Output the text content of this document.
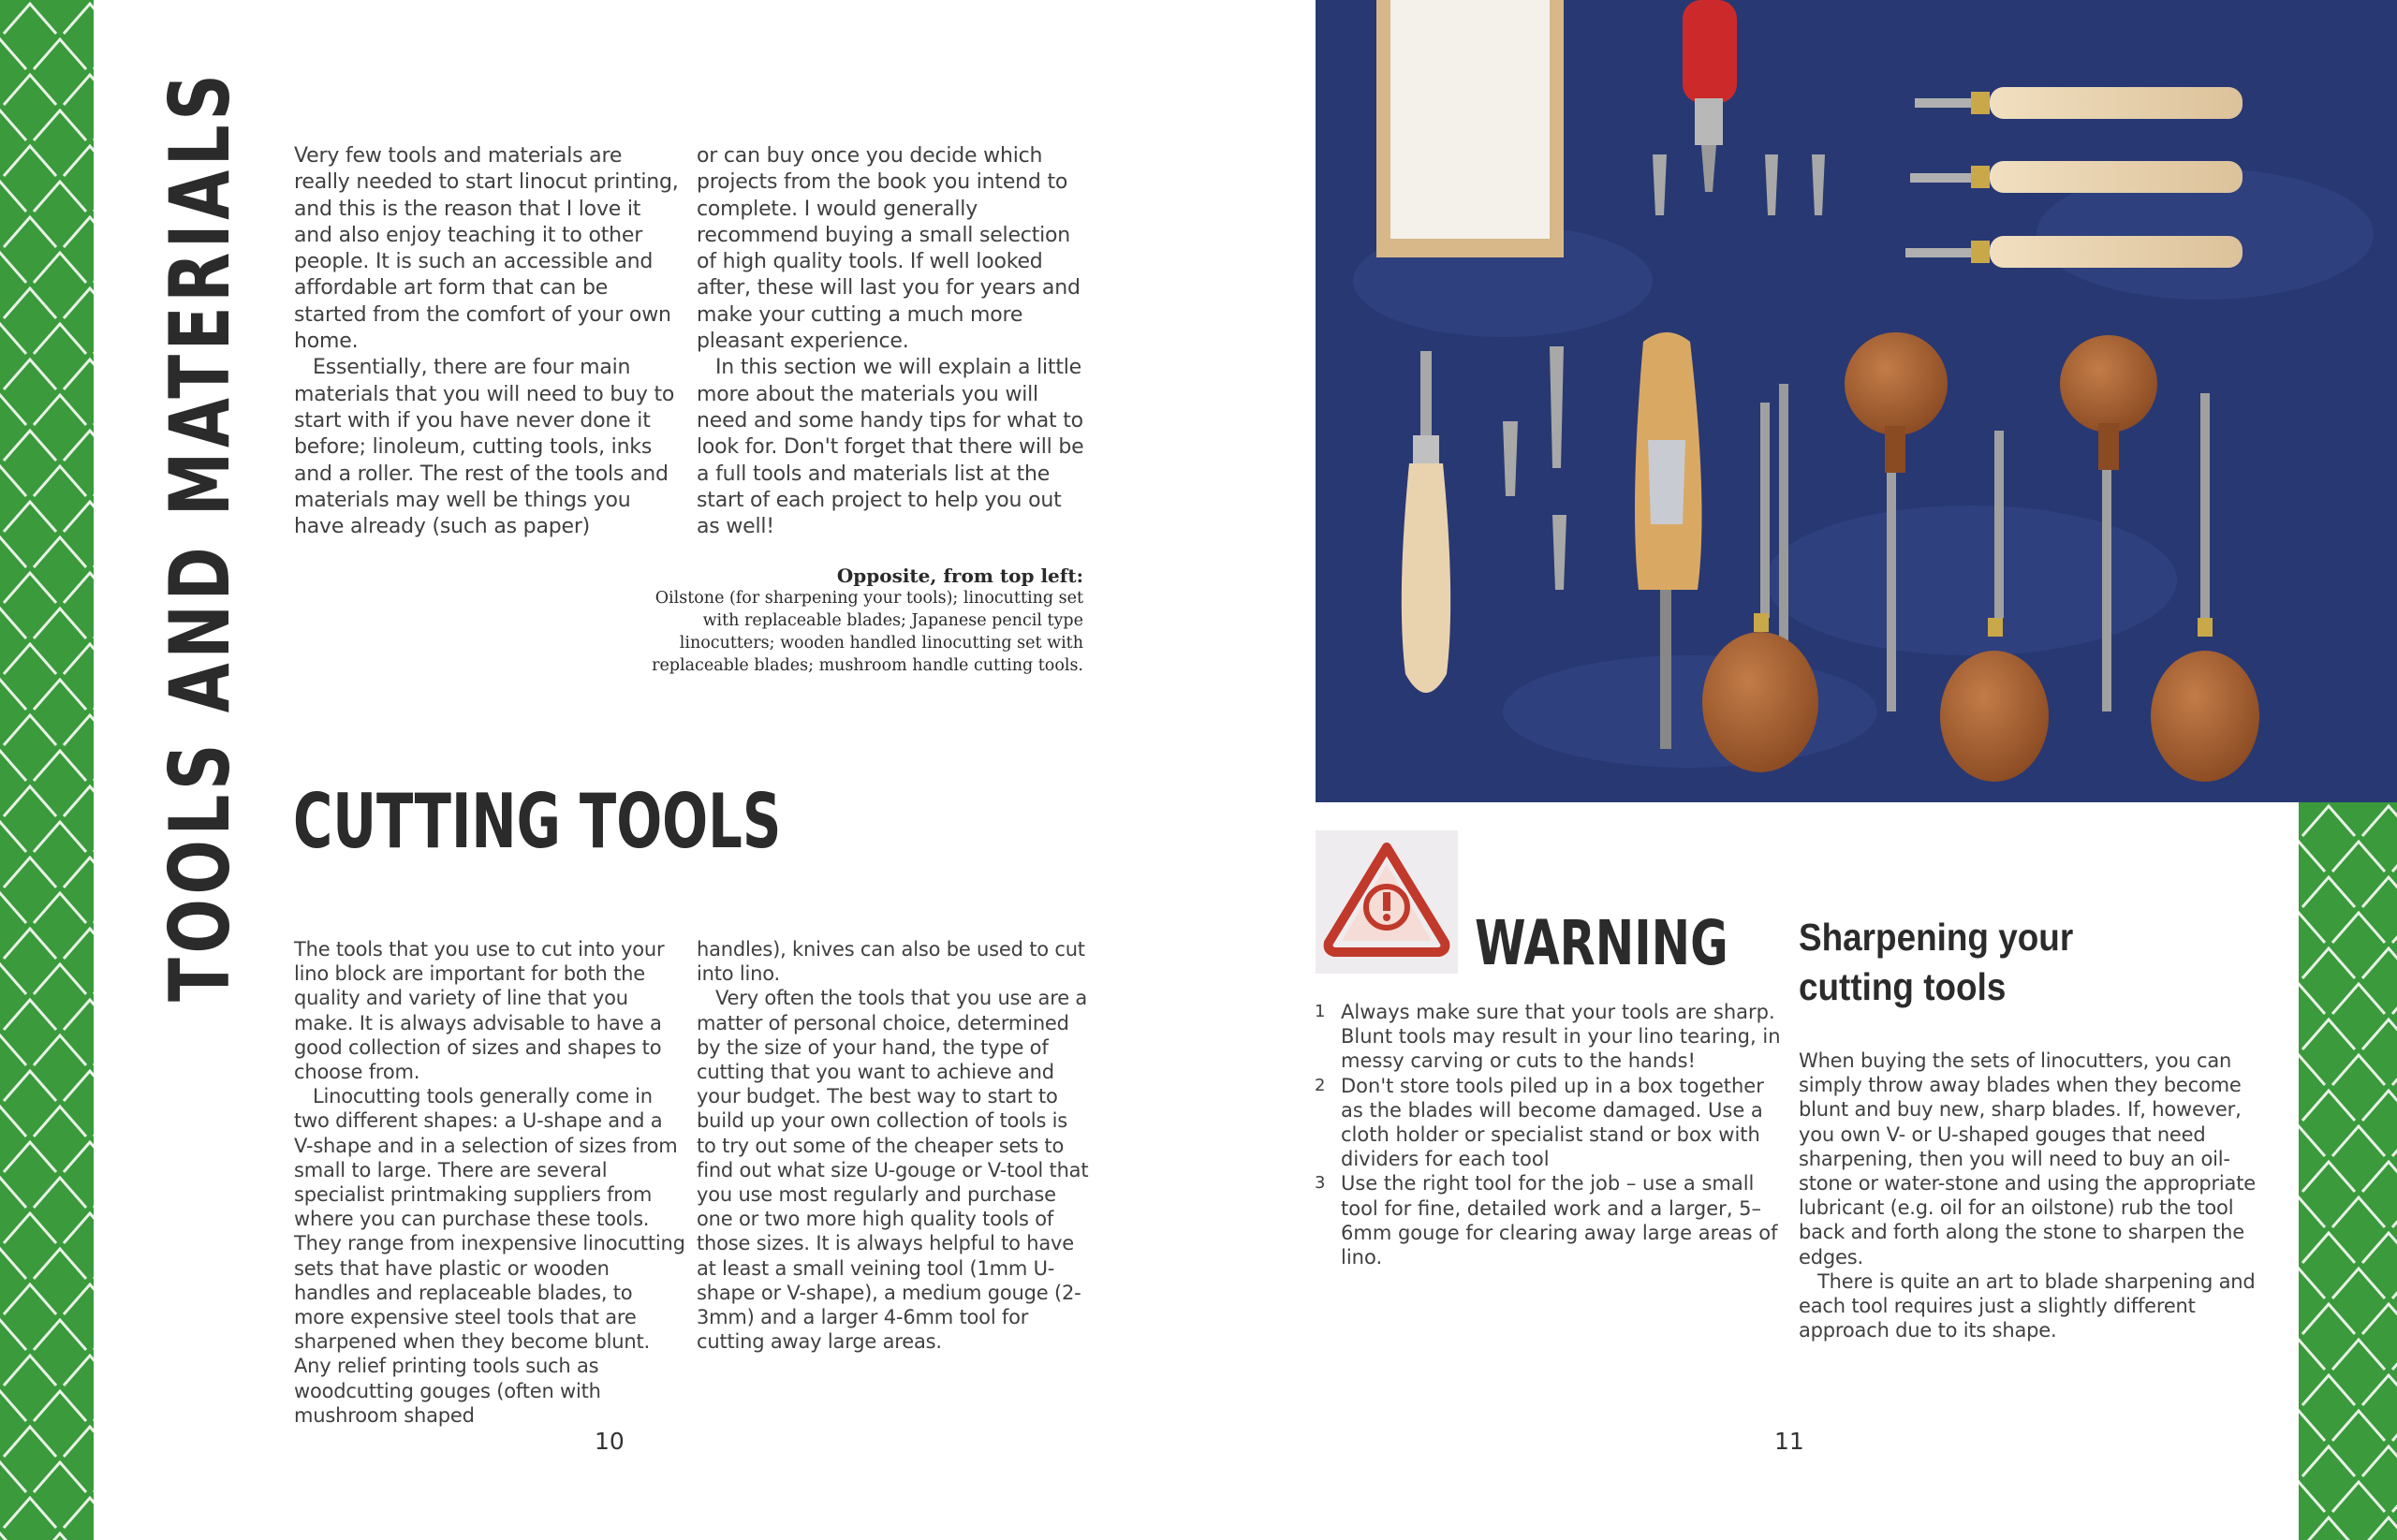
TOOLS AND MATERIALS Very few tools and materials are really needed to start linocut printing, and this is the reason that I love it and also enjoy teaching it to other people. It is such an accessible and affordable art form that can be started from the comfort of your own home.

Essentially, there are four main materials that you will need to buy to start with if you have never done it before; linoleum, cutting tools, inks and a roller. The rest of the tools and materials may well be things you have already (such as paper)

or can buy once you decide which projects from the book you intend to complete. I would generally recommend buying a small selection of high quality tools. If well looked after, these will last you for years and make your cutting a much more pleasant experience.

In this section we will explain a little more about the materials you will need and some handy tips for what to look for. Don't forget that there will be a full tools and materials list at the start of each project to help you out as well!

Opposite, from top left:
Oilstone (for sharpening your tools); linocutting set with replaceable blades; Japanese pencil type linocutters; wooden handled linocutting set with replaceable blades; mushroom handle cutting tools.
CUTTING TOOLS

The tools that you use to cut into your lino block are important for both the quality and variety of line that you make. It is always advisable to have a good collection of sizes and shapes to choose from.

Linocutting tools generally come in two different shapes: a U-shape and a V-shape and in a selection of sizes from small to large. There are several specialist printmaking suppliers from where you can purchase these tools. They range from inexpensive linocutting sets that have plastic or wooden handles and replaceable blades, to more expensive steel tools that are sharpened when they become blunt. Any relief printing tools such as woodcutting gouges (often with mushroom shaped

handles), knives can also be used to cut into lino.

Very often the tools that you use are a matter of personal choice, determined by the size of your hand, the type of cutting that you want to achieve and your budget. The best way to start to build up your own collection of tools is to try out some of the cheaper sets to find out what size U-gouge or V-tool that you use most regularly and purchase one or two more high quality tools of those sizes. It is always helpful to have at least a small veining tool (1mm U-shape or V-shape), a medium gouge (2-3mm) and a larger 4-6mm tool for cutting away large areas.

10
WARNING
1 Always make sure that your tools are sharp. Blunt tools may result in your lino tearing, in messy carving or cuts to the hands!
2 Don't store tools piled up in a box together as the blades will become damaged. Use a cloth holder or specialist stand or box with dividers for each tool
3 Use the right tool for the job – use a small tool for fine, detailed work and a larger, 5–6mm gouge for clearing away large areas of lino.
Sharpening your
cutting tools

When buying the sets of linocutters, you can simply throw away blades when they become blunt and buy new, sharp blades. If, however, you own V- or U-shaped gouges that need sharpening, then you will need to buy an oil-stone or water-stone and using the appropriate lubricant (e.g. oil for an oilstone) rub the tool back and forth along the stone to sharpen the edges.

There is quite an art to blade sharpening and each tool requires just a slightly different approach due to its shape.

11
